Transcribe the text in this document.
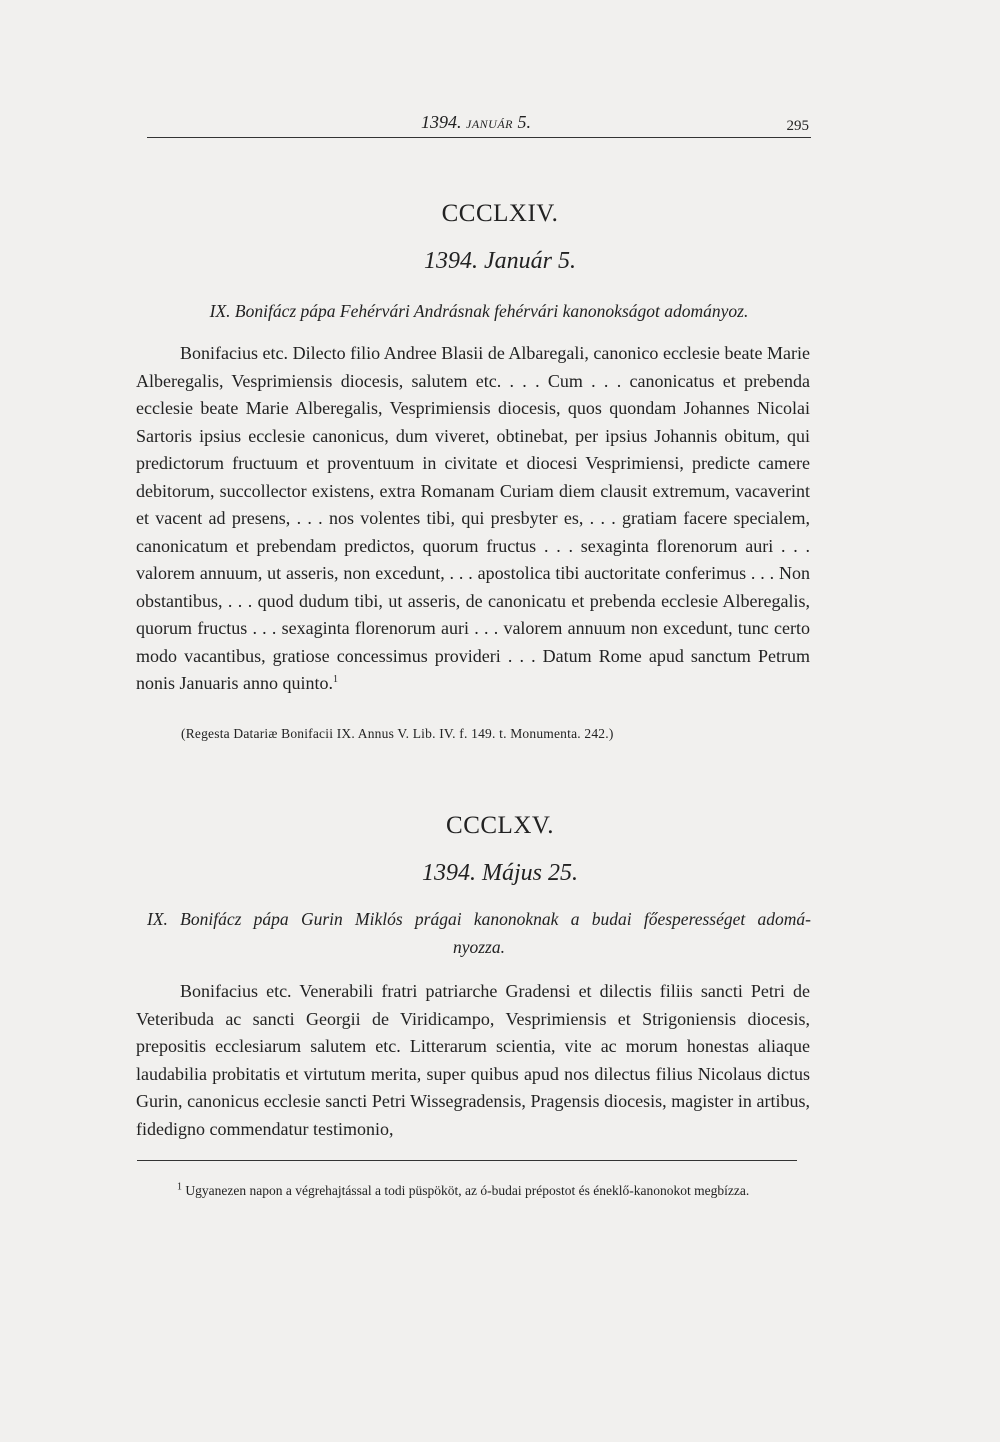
1394. JANUÁR 5.	295
CCCLXIV.
1394. Január 5.
IX. Bonifácz pápa Fehérvári Andrásnak fehérvári kanonokságot adományoz.

Bonifacius etc. Dilecto filio Andree Blasii de Albaregali, canonico ecclesie beate Marie Alberegalis, Vesprimiensis diocesis, salutem etc. . . . Cum . . . canonicatus et prebenda ecclesie beate Marie Alberegalis, Vesprimiensis diocesis, quos quondam Johannes Nicolai Sartoris ipsius ecclesie canonicus, dum viveret, obtinebat, per ipsius Johannis obitum, qui predictorum fructuum et proventuum in civitate et diocesi Vesprimiensi, predicte camere debitorum, succollector existens, extra Romanam Curiam diem clausit extremum, vacaverint et vacent ad presens, . . . nos volentes tibi, qui presbyter es, . . . gratiam facere specialem, canonicatum et prebendam predictos, quorum fructus . . . sexaginta florenorum auri . . . valorem annuum, ut asseris, non excedunt, . . . apostolica tibi auctoritate conferimus . . . Non obstantibus, . . . quod dudum tibi, ut asseris, de canonicatu et prebenda ecclesie Alberegalis, quorum fructus . . . sexaginta florenorum auri . . . valorem annuum non excedunt, tunc certo modo vacantibus, gratiose concessimus provideri . . . Datum Rome apud sanctum Petrum nonis Januaris anno quinto.$^1$

(Regesta Datariæ Bonifacii IX. Annus V. Lib. IV. f. 149. t. Monumenta. 242.)
CCCLXV.
1394. Május 25.
IX. Bonifácz pápa Gurin Miklós prágai kanonoknak a budai főesperességet adomá-
nyozza.

Bonifacius etc. Venerabili fratri patriarche Gradensi et dilectis filiis sancti Petri de Veteribuda ac sancti Georgii de Viridicampo, Vesprimiensis et Strigoniensis diocesis, prepositis ecclesiarum salutem etc. Litterarum scientia, vite ac morum honestas aliaque laudabilia probitatis et virtutum merita, super quibus apud nos dilectus filius Nicolaus dictus Gurin, canonicus ecclesie sancti Petri Wissegradensis, Pragensis diocesis, magister in artibus, fidedigno commendatur testimonio,

$^1$ Ugyanezen napon a végrehajtással a todi püspököt, az ó-budai prépostot és éneklő-kanonokot megbízza.
